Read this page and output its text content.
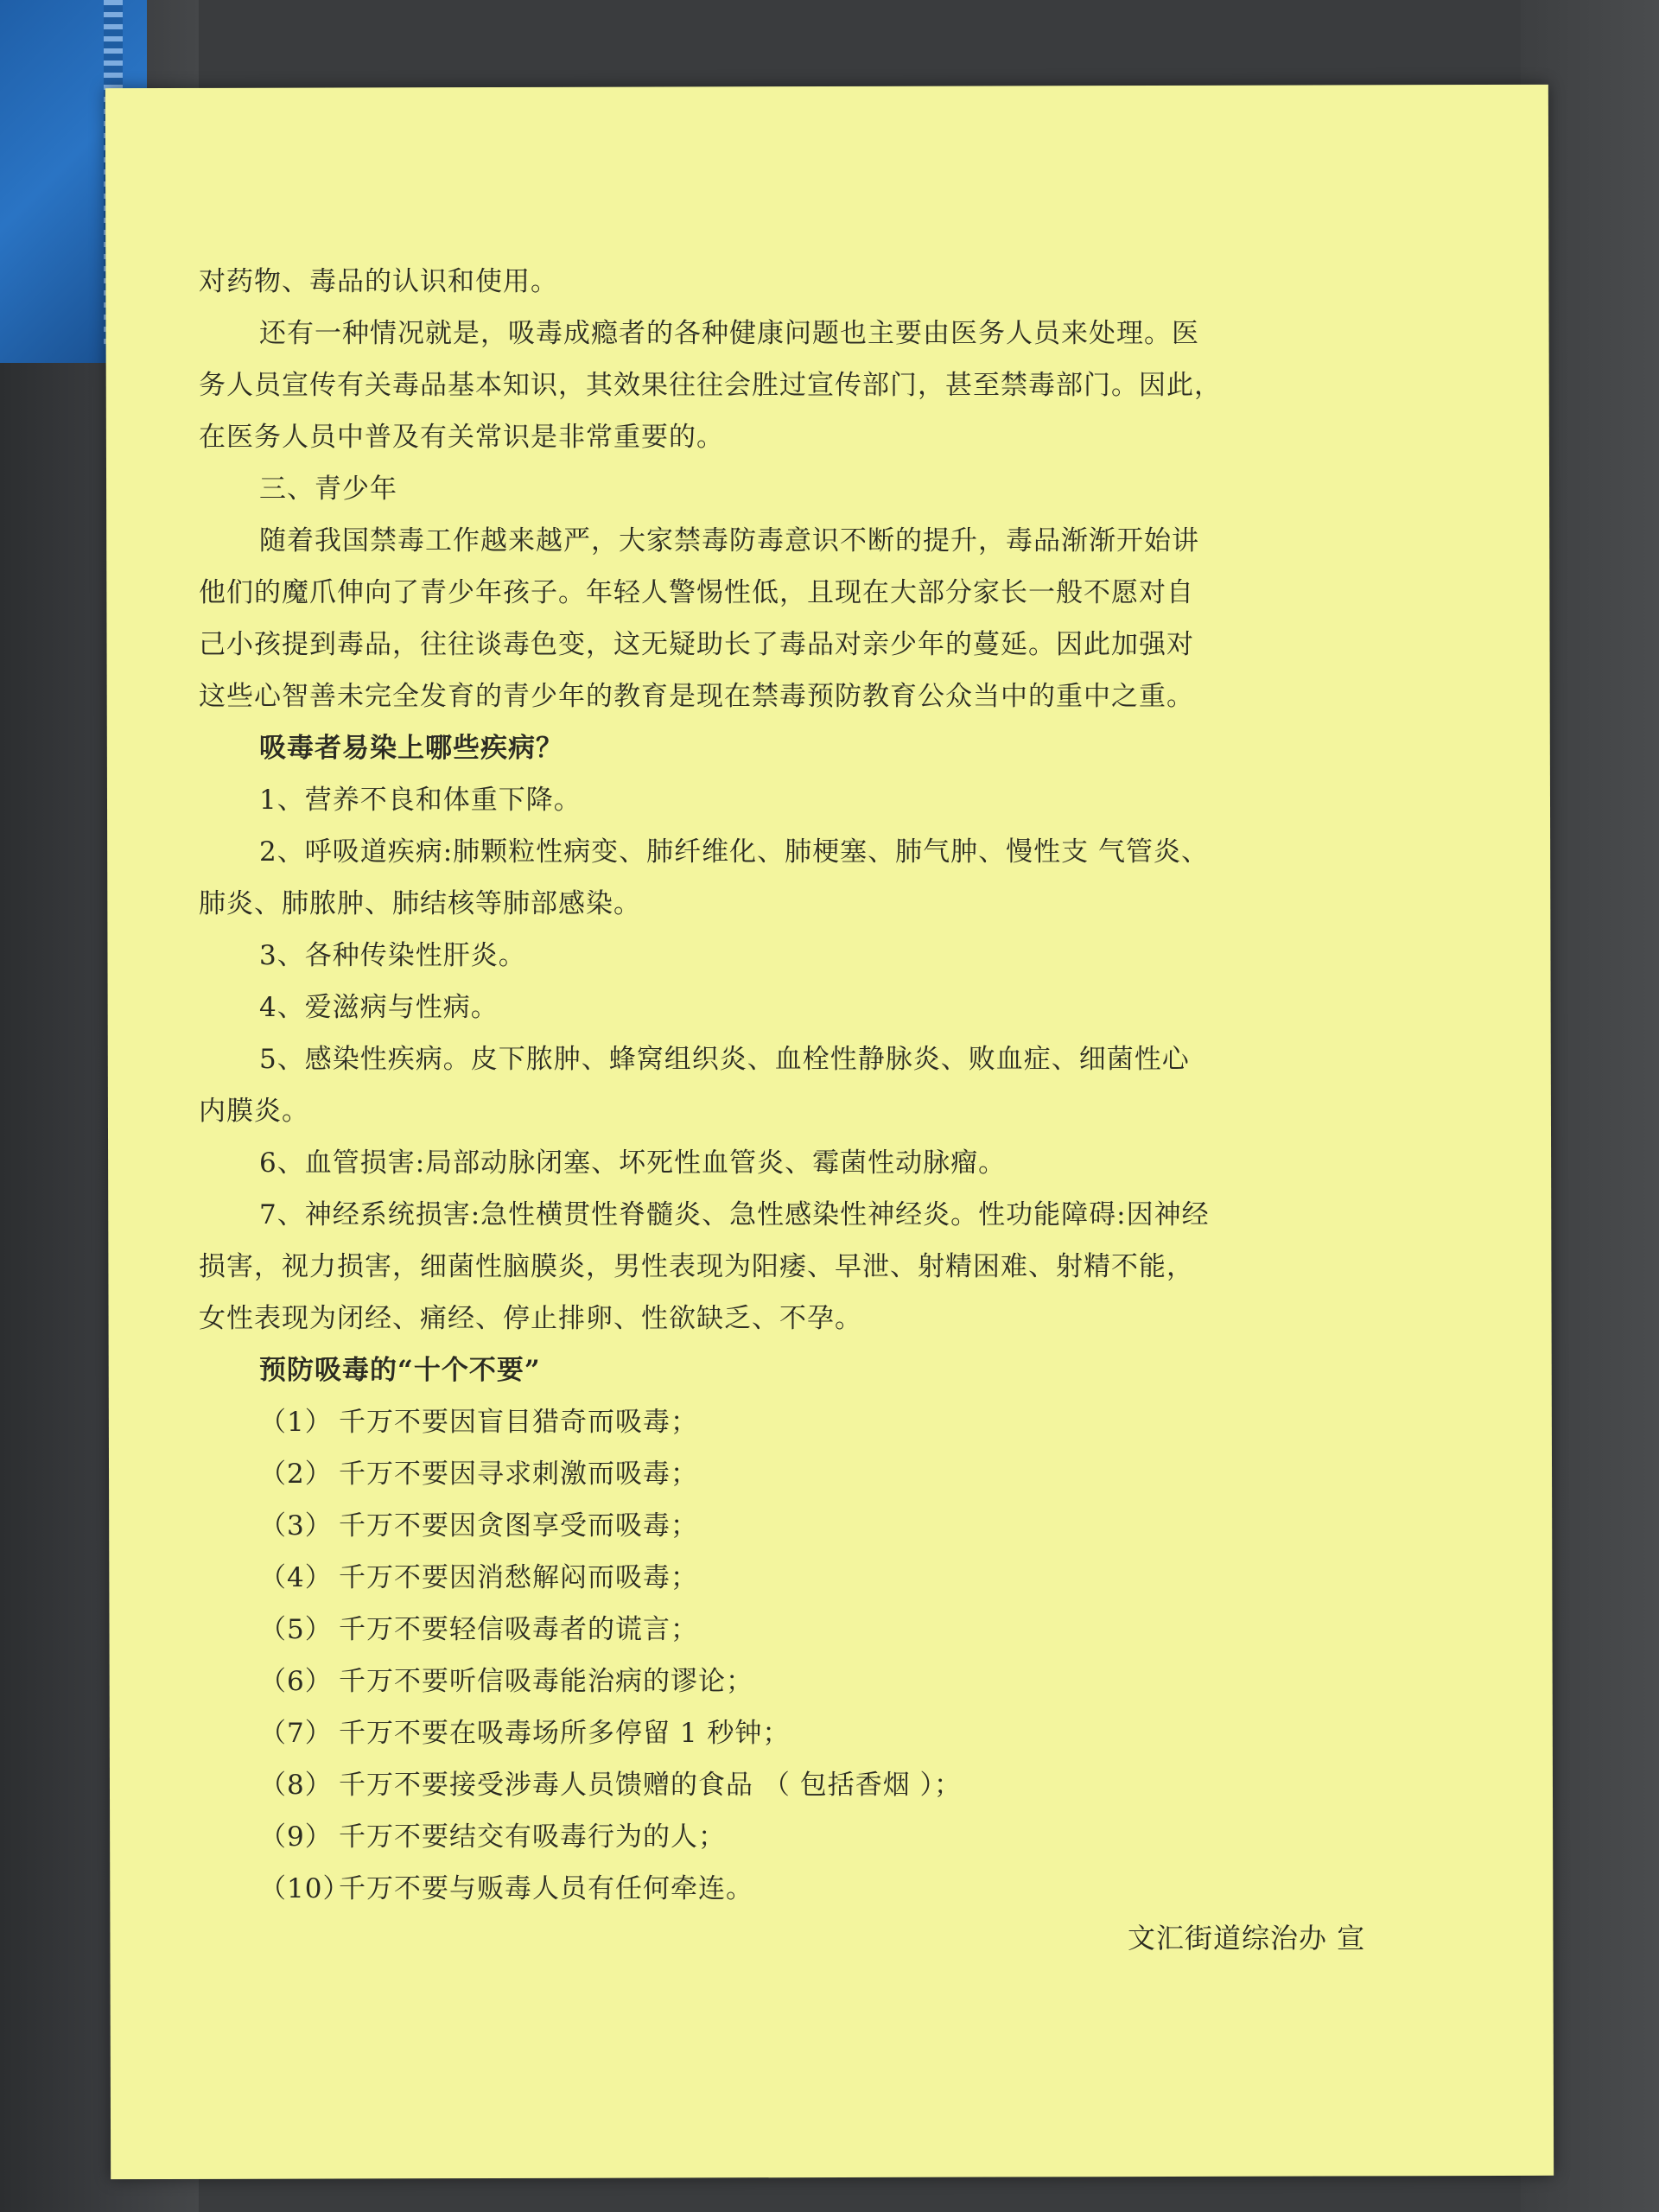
对药物、毒品的认识和使用。
还有一种情况就是，吸毒成瘾者的各种健康问题也主要由医务人员来处理。医
务人员宣传有关毒品基本知识，其效果往往会胜过宣传部门，甚至禁毒部门。因此，
在医务人员中普及有关常识是非常重要的。
三、青少年
随着我国禁毒工作越来越严，大家禁毒防毒意识不断的提升，毒品渐渐开始讲
他们的魔爪伸向了青少年孩子。年轻人警惕性低，且现在大部分家长一般不愿对自
己小孩提到毒品，往往谈毒色变，这无疑助长了毒品对亲少年的蔓延。因此加强对
这些心智善未完全发育的青少年的教育是现在禁毒预防教育公众当中的重中之重。
吸毒者易染上哪些疾病？
1、营养不良和体重下降。
2、呼吸道疾病:肺颗粒性病变、肺纤维化、肺梗塞、肺气肿、慢性支 气管炎、
肺炎、肺脓肿、肺结核等肺部感染。
3、各种传染性肝炎。
4、爱滋病与性病。
5、感染性疾病。皮下脓肿、蜂窝组织炎、血栓性静脉炎、败血症、细菌性心
内膜炎。
6、血管损害:局部动脉闭塞、坏死性血管炎、霉菌性动脉瘤。
7、神经系统损害:急性横贯性脊髓炎、急性感染性神经炎。性功能障碍:因神经
损害，视力损害，细菌性脑膜炎，男性表现为阳痿、早泄、射精困难、射精不能，
女性表现为闭经、痛经、停止排卵、性欲缺乏、不孕。
预防吸毒的“十个不要”
（1） 千万不要因盲目猎奇而吸毒；
（2） 千万不要因寻求刺激而吸毒；
（3） 千万不要因贪图享受而吸毒；
（4） 千万不要因消愁解闷而吸毒；
（5） 千万不要轻信吸毒者的谎言；
（6） 千万不要听信吸毒能治病的谬论；
（7） 千万不要在吸毒场所多停留 1 秒钟；
（8） 千万不要接受涉毒人员馈赠的食品 （ 包括香烟 ）；
（9） 千万不要结交有吸毒行为的人；
（10）千万不要与贩毒人员有任何牵连。
文汇街道综治办 宣
